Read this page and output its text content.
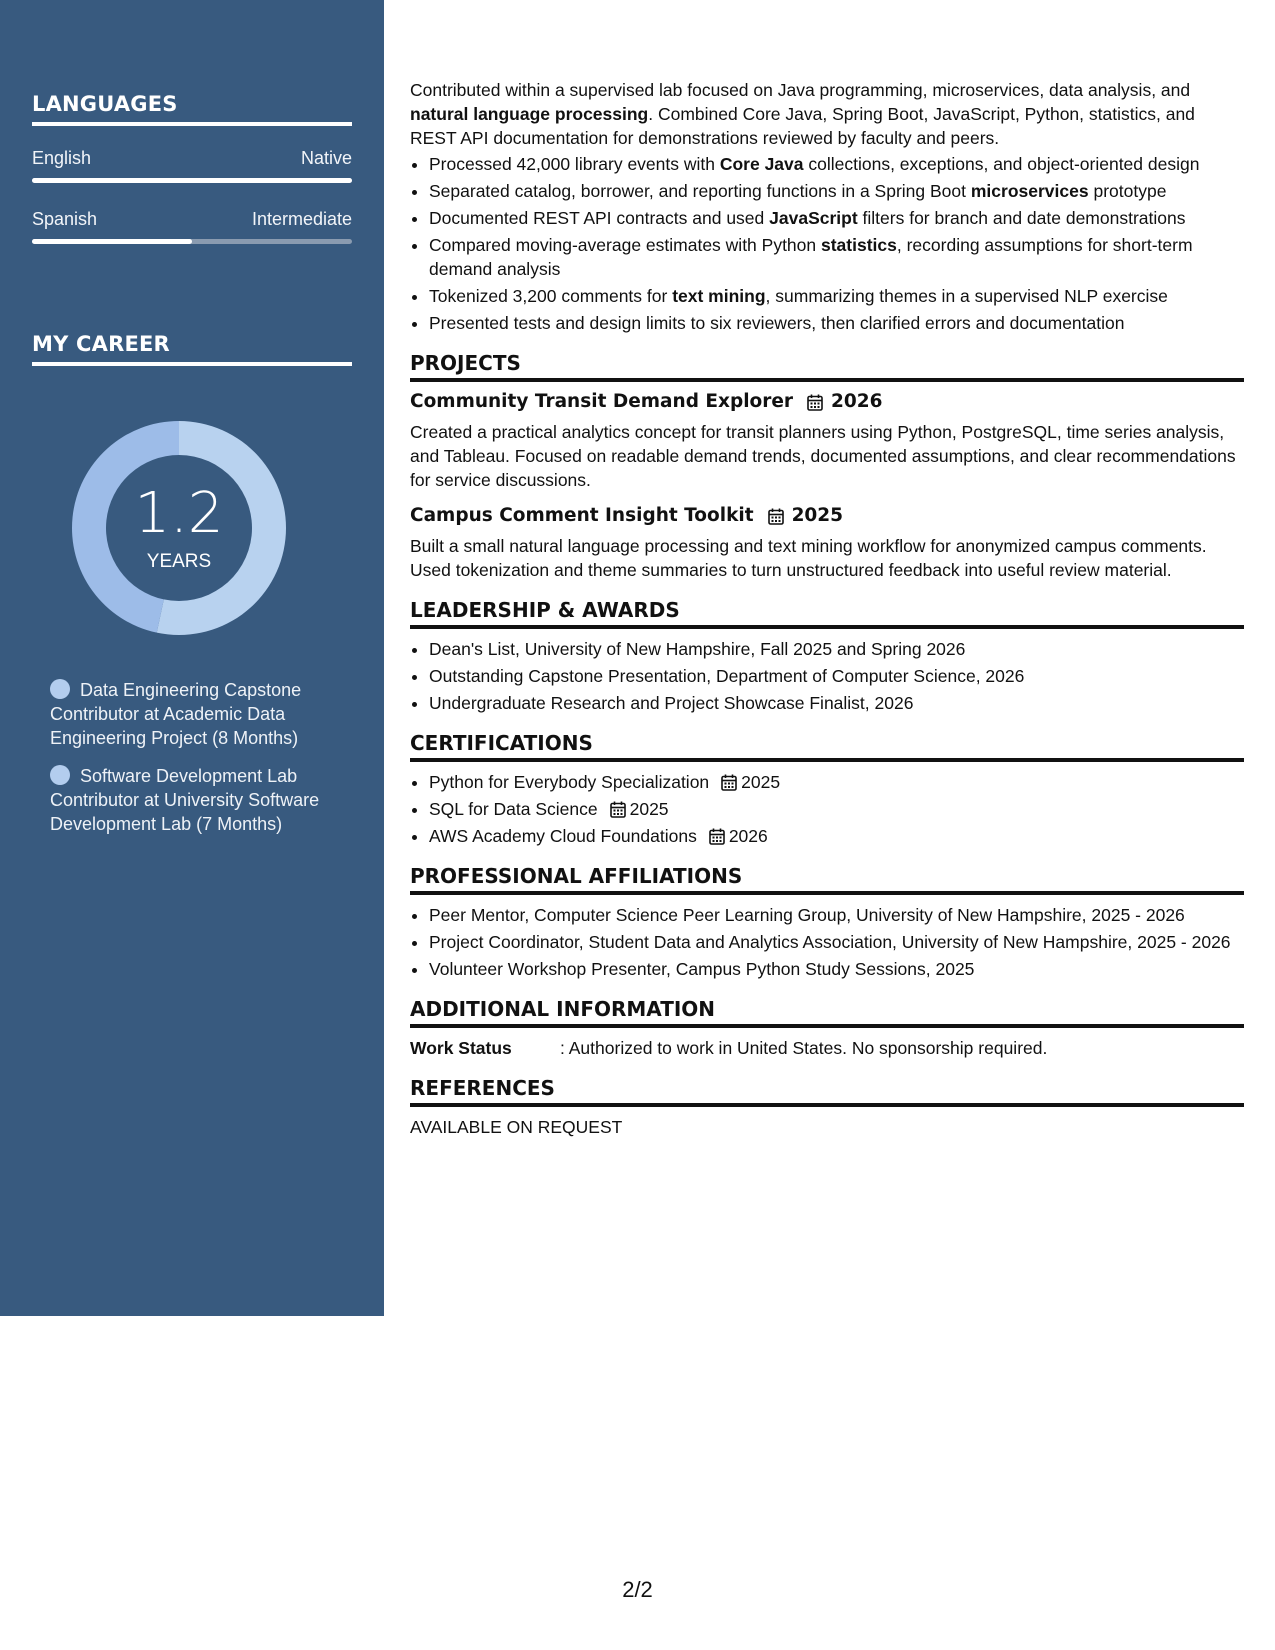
LANGUAGES
English	Native
Spanish	Intermediate
MY CAREER
1.2
YEARS
Data Engineering Capstone Contributor at Academic Data Engineering Project (8 Months)
Software Development Lab Contributor at University Software Development Lab (7 Months)

Contributed within a supervised lab focused on Java programming, microservices, data analysis, and natural language processing. Combined Core Java, Spring Boot, JavaScript, Python, statistics, and REST API documentation for demonstrations reviewed by faculty and peers.

• Processed 42,000 library events with Core Java collections, exceptions, and object-oriented design
• Separated catalog, borrower, and reporting functions in a Spring Boot microservices prototype
• Documented REST API contracts and used JavaScript filters for branch and date demonstrations
• Compared moving-average estimates with Python statistics, recording assumptions for short-term demand analysis
• Tokenized 3,200 comments for text mining, summarizing themes in a supervised NLP exercise
• Presented tests and design limits to six reviewers, then clarified errors and documentation
PROJECTS
Community Transit Demand Explorer 2026

Created a practical analytics concept for transit planners using Python, PostgreSQL, time series analysis, and Tableau. Focused on readable demand trends, documented assumptions, and clear recommendations for service discussions.

Campus Comment Insight Toolkit 2025

Built a small natural language processing and text mining workflow for anonymized campus comments. Used tokenization and theme summaries to turn unstructured feedback into useful review material.

LEADERSHIP & AWARDS
• Dean's List, University of New Hampshire, Fall 2025 and Spring 2026
• Outstanding Capstone Presentation, Department of Computer Science, 2026
• Undergraduate Research and Project Showcase Finalist, 2026
CERTIFICATIONS
• Python for Everybody Specialization 2025
• SQL for Data Science 2025
• AWS Academy Cloud Foundations 2026
PROFESSIONAL AFFILIATIONS
• Peer Mentor, Computer Science Peer Learning Group, University of New Hampshire, 2025 - 2026
• Project Coordinator, Student Data and Analytics Association, University of New Hampshire, 2025 - 2026
• Volunteer Workshop Presenter, Campus Python Study Sessions, 2025
ADDITIONAL INFORMATION
Work Status	: Authorized to work in United States. No sponsorship required.
REFERENCES

AVAILABLE ON REQUEST

2/2
